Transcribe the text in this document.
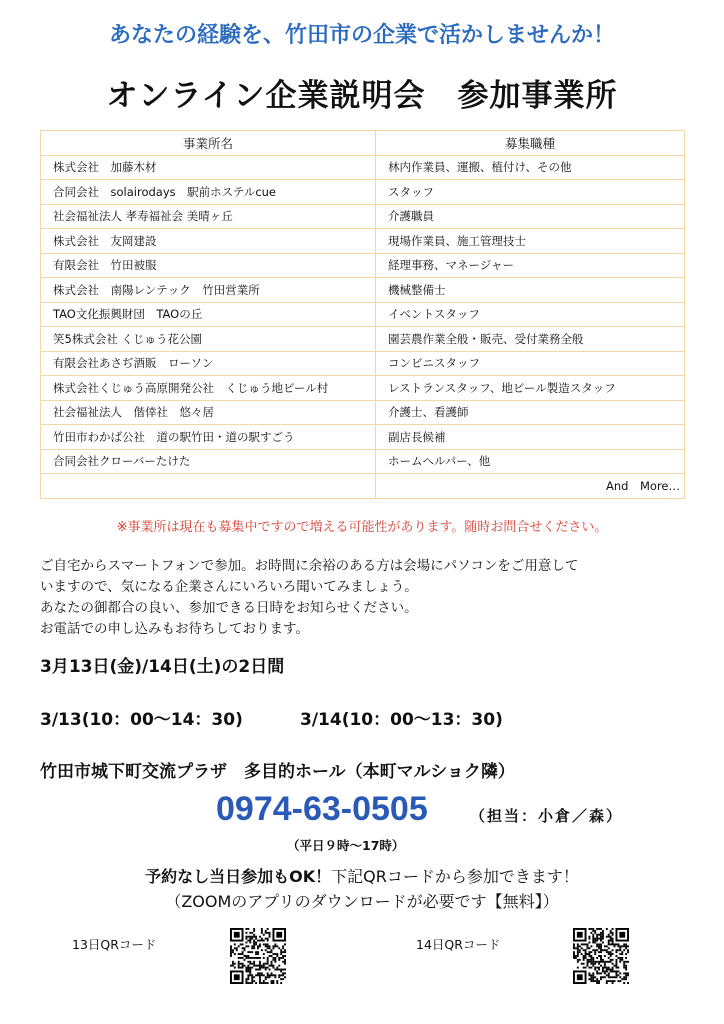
あなたの経験を、竹田市の企業で活かしませんか！
オンライン企業説明会　参加事業所
事業所名	募集職種
株式会社　加藤木材	林内作業員、運搬、植付け、その他
合同会社　solairodays　駅前ホステルcue	スタッフ
社会福祉法人 孝寿福祉会 美晴ヶ丘	介護職員
株式会社　友岡建設	現場作業員、施工管理技士
有限会社　竹田被服	経理事務、マネージャー
株式会社　南陽レンテック　竹田営業所	機械整備士
TAO文化振興財団　TAOの丘	イベントスタッフ
笑5株式会社 くじゅう花公園	園芸農作業全般・販売、受付業務全般
有限会社あさぢ酒販　ローソン	コンビニスタッフ
株式会社くじゅう高原開発公社　くじゅう地ビール村	レストランスタッフ、地ビール製造スタッフ
社会福祉法人　偕倖社　悠々居	介護士、看護師
竹田市わかば公社　道の駅竹田・道の駅すごう	副店長候補
合同会社クローバーたけた	ホームヘルパー、他
	And　More…
※事業所は現在も募集中ですので増える可能性があります。随時お問合せください。
ご自宅からスマートフォンで参加。お時間に余裕のある方は会場にパソコンをご用意して
いますので、気になる企業さんにいろいろ聞いてみましょう。
あなたの御都合の良い、参加できる日時をお知らせください。
お電話での申し込みもお待ちしております。
3月13日(金)/14日(土)の2日間
3/13(10：00〜14：30)	3/14(10：00〜13：30)
竹田市城下町交流プラザ　多目的ホール（本町マルショク隣）
0974-63-0505	（担当：小倉／森）
（平日９時〜17時）
予約なし当日参加もOK！下記QRコードから参加できます！
（ZOOMのアプリのダウンロードが必要です【無料】）
13日QRコード	14日QRコード
